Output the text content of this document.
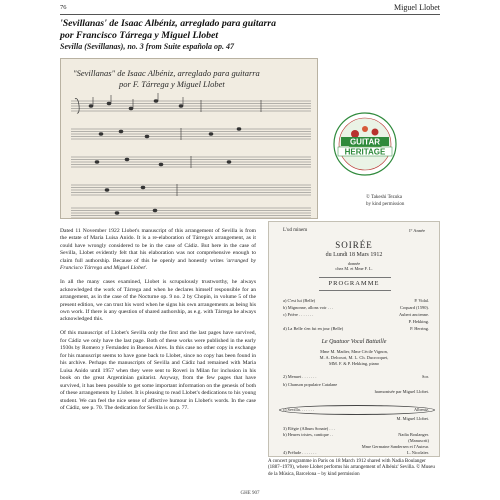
76	Miguel Llobet
'Sevillanas' de Isaac Albéniz, arreglado para guitarra
por Francisco Tárrega y Miguel Llobet
Sevilla (Sevillanas), no. 3 from Suite española op. 47
"Sevillanas" de Isaac Albéniz, arreglado para guitarra
por F. Tárrega y Miguel Llobet
GUITAR
HERITAGE
© Takeshi Tezuka
by kind permission

Dated 11 November 1922 Llobet's manuscript of this arrangement of Sevilla is from the estate of Maria Luisa Anido. It is a re-elaboration of Tárrega's arrangement, as it could have wrongly considered to be in the case of Cádiz. But here in the case of Sevilla, Llobet evidently felt that his elaboration was not comprehensive enough to claim full authorship. Because of this he openly and honestly writes 'arranged by Francisco Tárrega and Miguel Llobet'.

In all the many cases examined, Llobet is scrupulously trustworthy, he always acknowledged the work of Tárrega and when he declares himself responsible for an arrangement, as in the case of the Nocturne op. 9 no. 2 by Chopin, in volume 5 of the present edition, we can trust his word when he signs his own arrangements as being his own work. If there is any question of shared authorship, as e.g. with Tárrega he always acknowledged this.

Of this manuscript of Llobet's Sevilla only the first and the last pages have survived, for Cádiz we only have the last page. Both of these works were published in the early 1930s by Romero y Fernández in Buenos Aires. In this case no other copy in exchange for his manuscript seems to have gone back to Llobet, since no copy has been found in his archive. Perhaps the manuscripts of Sevilla and Cádiz had remained with Maria Luisa Anido until 1957 when they were sent to Roveri in Milan for inclusion in his book on the great Argentinian guitarist. Anyway, from the few pages that have survived, it has been possible to get some important information on the genesis of both of these arrangements by Llobet. It is pleasing to read Llobet's dedications to his young student. We can feel the nice sense of affective humour in Llobet's words. In the case of Cádiz, see p. 70. The dedication for Sevilla is on p. 77.

L'ud minem	I° Année
SOIRÉE
du Lundi 18 Mars 1912
donnée
chez M. et Mme F. L.
PROGRAMME
a) C'est lui (Belle)	P. Vidal.
b) Mignonne, allons voir . . .	Coquard (1590).
c) Prière . . . . . . .	Aubert ancienne.
P. Hekking.
d) La Belle s'en fut en jour (Belle)	P. Herring.
Le Quatuor Vocal Battaille
Mme M. Madier, Mme Cécile Vignon,
M. A. Delcourt, M. L. Ch. Ducrocquet,
MM. F. & P. Hekking, piano
2) Menuet . . . . . . .	Sor.
b) Chanson populaire Catalane
harmonisée par Miguel Llobet.
c) Sevilla. . . . . . .	Albeniz.
M. Miguel Llobet.
3) Elégie (Album Sonate) . . .
b) Heures tristes, cantique . .	Nadia Boulanger.
(Manuscrit)
Mme Germaine Sandersen et l'Auteur.
4) Prélude . . . . . . .	L. Nicolaïer.
A concert programme in Paris on 18 March 1912 shared with Nadia Boulanger (1887–1979), where Llobet performs his arrangement of Albéniz' Sevilla. © Museu de la Música, Barcelona – by kind permission
GHE 907
